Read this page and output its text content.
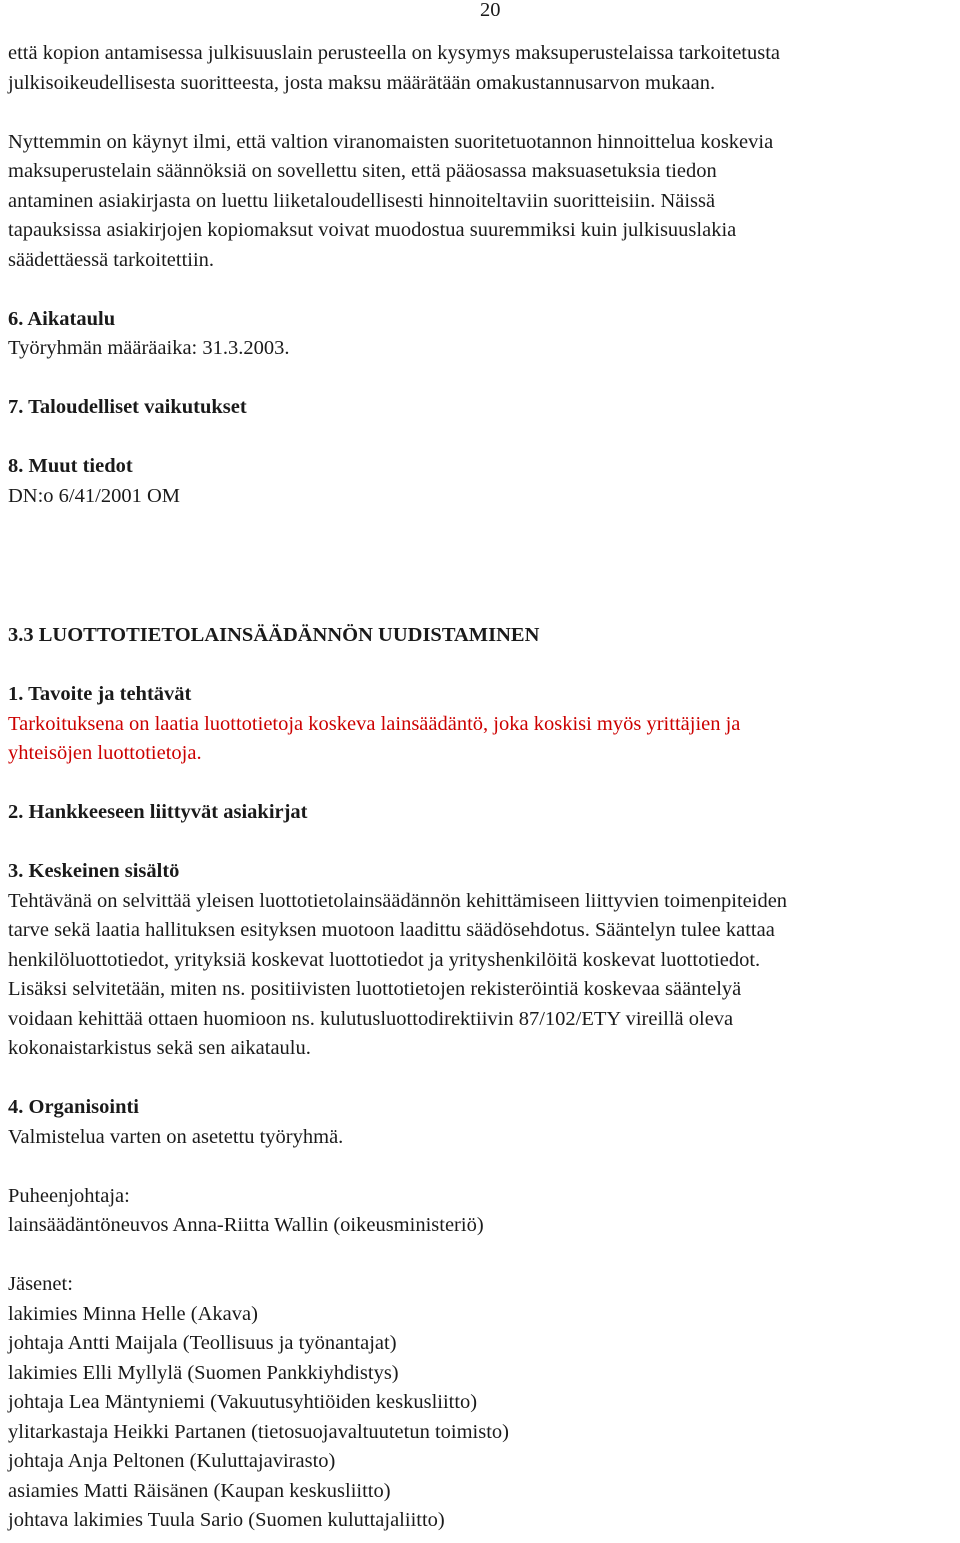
20

että kopion antamisessa julkisuuslain perusteella on kysymys maksuperustelaissa tarkoitetusta

julkisoikeudellisesta suoritteesta, josta maksu määrätään omakustannusarvon mukaan.

Nyttemmin on käynyt ilmi, että valtion viranomaisten suoritetuotannon hinnoittelua koskevia

maksuperustelain säännöksiä on sovellettu siten, että pääosassa maksuasetuksia tiedon

antaminen asiakirjasta on luettu liiketaloudellisesti hinnoiteltaviin suoritteisiin. Näissä

tapauksissa asiakirjojen kopiomaksut voivat muodostua suuremmiksi kuin julkisuuslakia

säädettäessä tarkoitettiin.

6. Aikataulu

Työryhmän määräaika: 31.3.2003.

7. Taloudelliset vaikutukset

8. Muut tiedot

DN:o 6/41/2001 OM

3.3 LUOTTOTIETOLAINSÄÄDÄNNÖN UUDISTAMINEN

1. Tavoite ja tehtävät

Tarkoituksena on laatia luottotietoja koskeva lainsäädäntö, joka koskisi myös yrittäjien ja

yhteisöjen luottotietoja.

2. Hankkeeseen liittyvät asiakirjat

3. Keskeinen sisältö

Tehtävänä on selvittää yleisen luottotietolainsäädännön kehittämiseen liittyvien toimenpiteiden

tarve sekä laatia hallituksen esityksen muotoon laadittu säädösehdotus. Sääntelyn tulee kattaa

henkilöluottotiedot, yrityksiä koskevat luottotiedot ja yrityshenkilöitä koskevat luottotiedot.

Lisäksi selvitetään, miten ns. positiivisten luottotietojen rekisteröintiä koskevaa sääntelyä

voidaan kehittää ottaen huomioon ns. kulutusluottodirektiivin 87/102/ETY vireillä oleva

kokonaistarkistus sekä sen aikataulu.

4. Organisointi

Valmistelua varten on asetettu työryhmä.

Puheenjohtaja:

lainsäädäntöneuvos Anna-Riitta Wallin (oikeusministeriö)

Jäsenet:

lakimies Minna Helle (Akava)

johtaja Antti Maijala (Teollisuus ja työnantajat)

lakimies Elli Myllylä (Suomen Pankkiyhdistys)

johtaja Lea Mäntyniemi (Vakuutusyhtiöiden keskusliitto)

ylitarkastaja Heikki Partanen (tietosuojavaltuutetun toimisto)

johtaja Anja Peltonen (Kuluttajavirasto)

asiamies Matti Räisänen (Kaupan keskusliitto)

johtava lakimies Tuula Sario (Suomen kuluttajaliitto)
